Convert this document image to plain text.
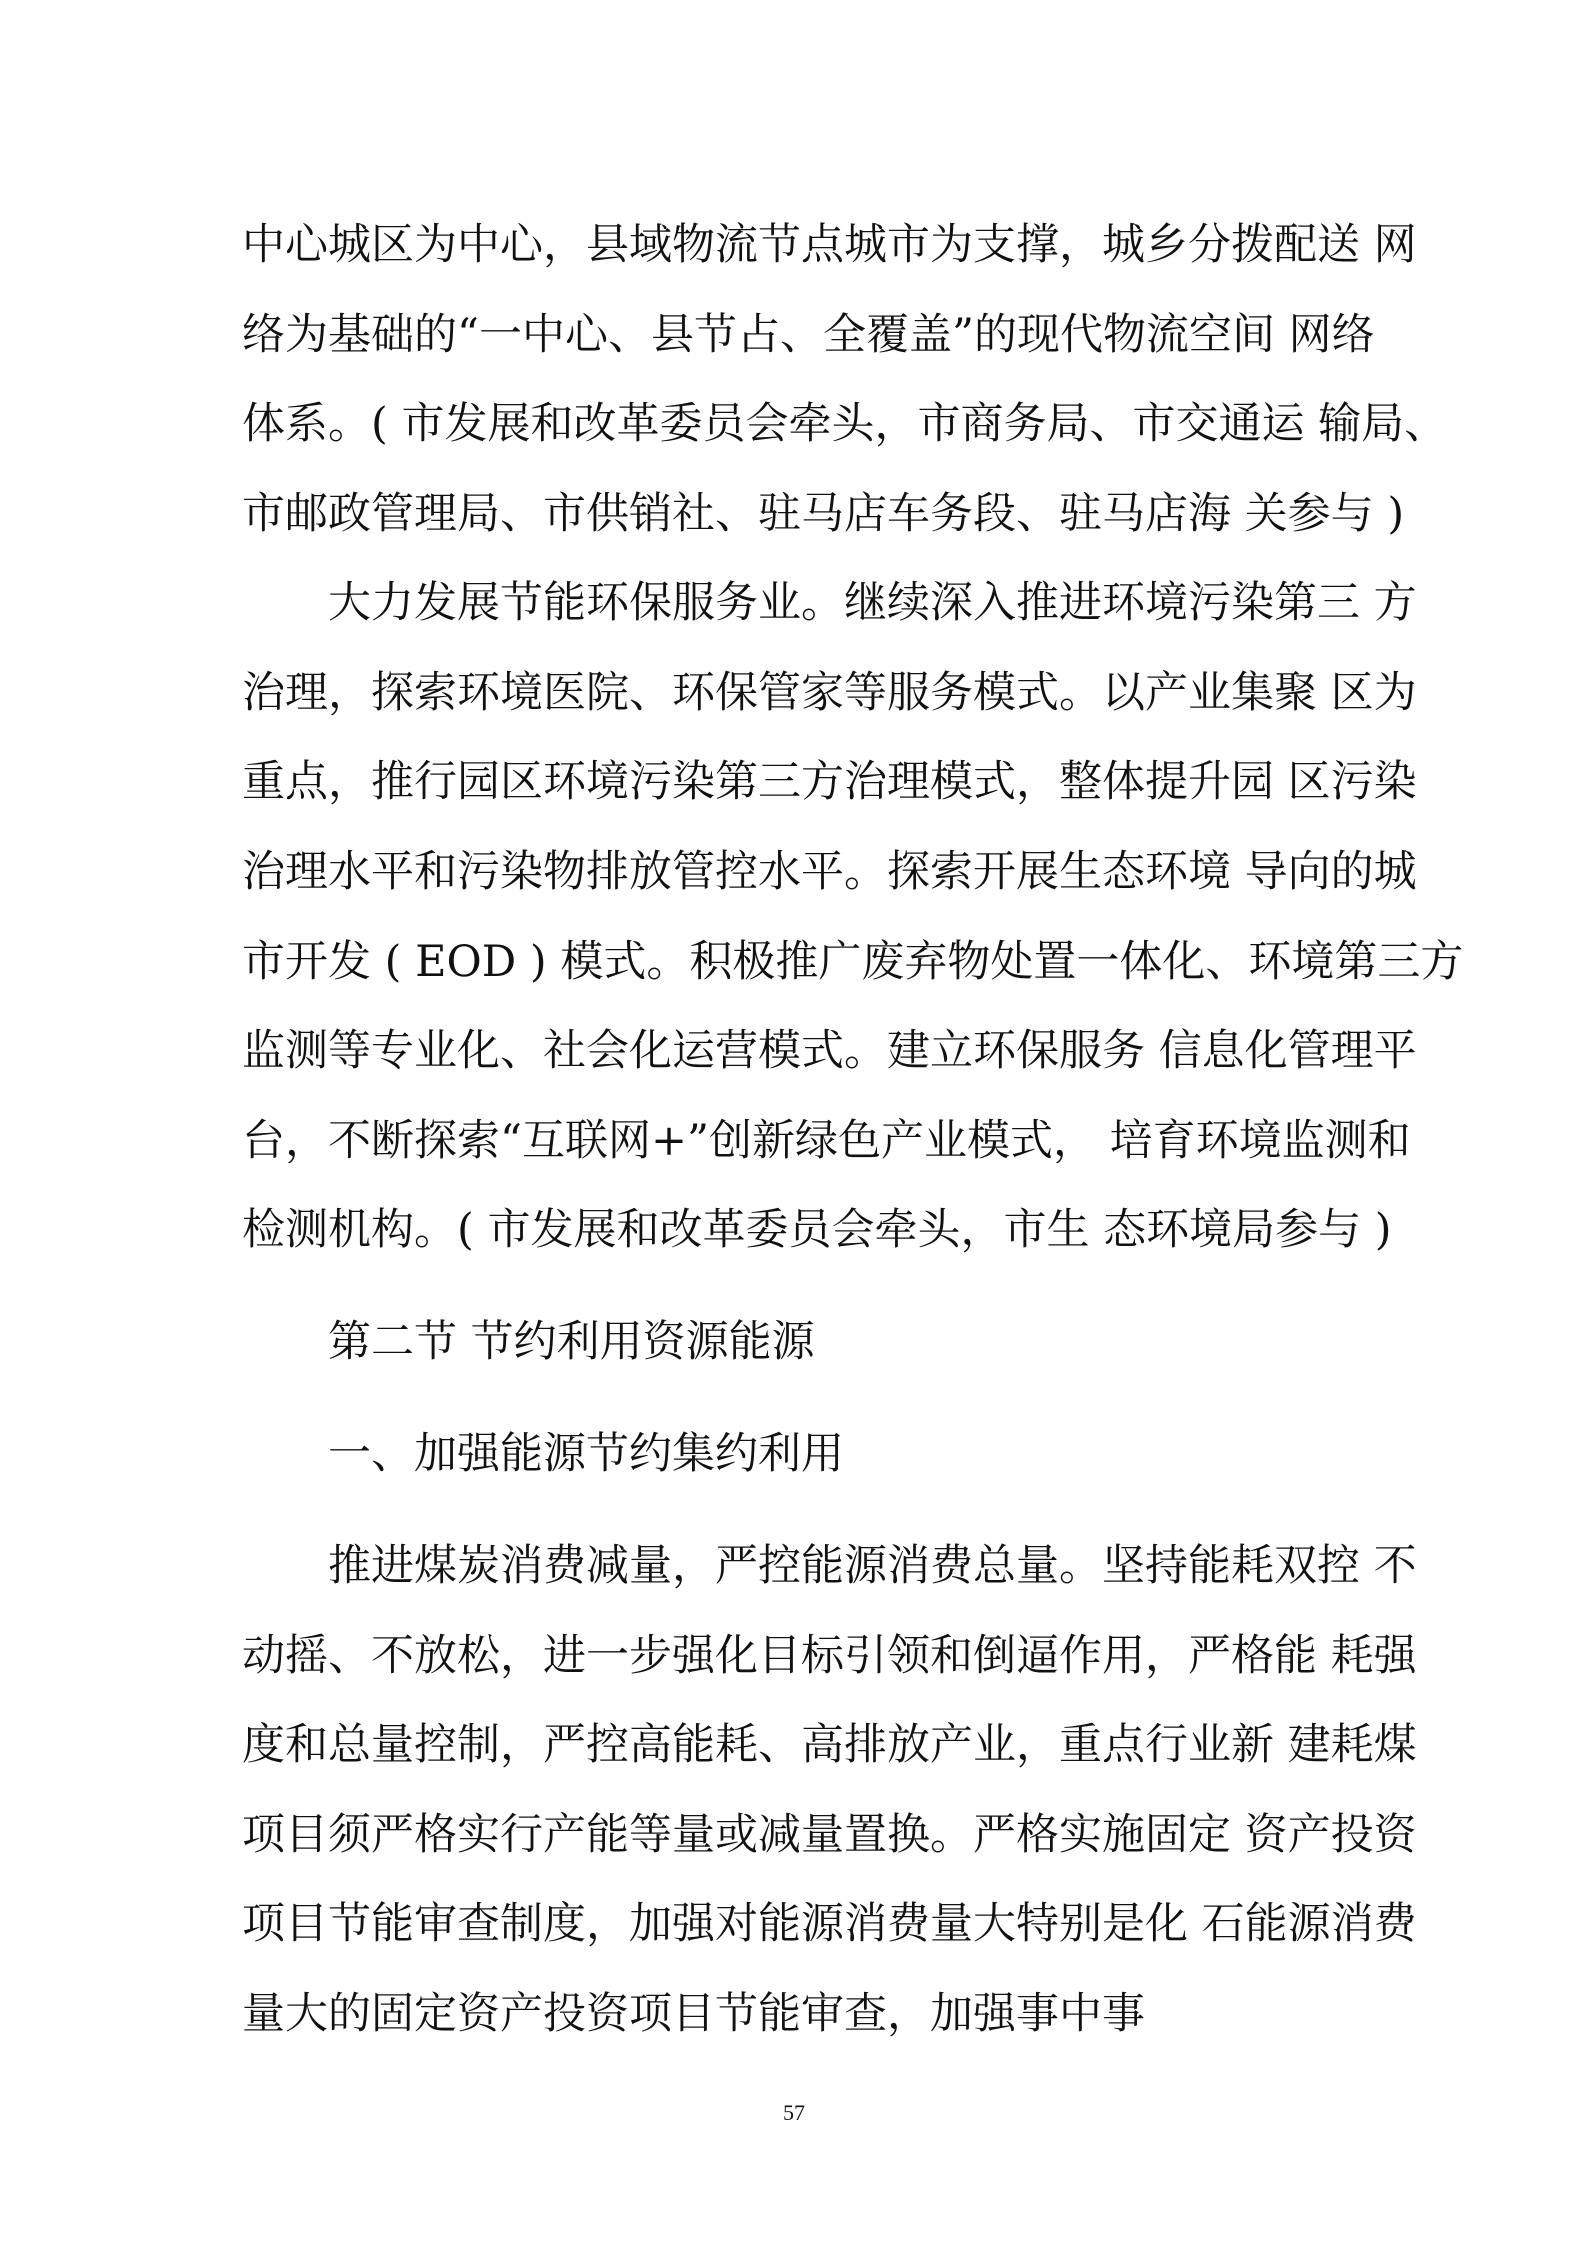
中心城区为中心，县域物流节点城市为支撑，城乡分拨配送 网
络为基础的“一中心、县节占、全覆盖”的现代物流空间 网络
体系。( 市发展和改革委员会牵头，市商务局、市交通运 输局、
市邮政管理局、市供销社、驻马店车务段、驻马店海 关参与 )
大力发展节能环保服务业。继续深入推进环境污染第三 方
治理，探索环境医院、环保管家等服务模式。以产业集聚 区为
重点，推行园区环境污染第三方治理模式，整体提升园 区污染
治理水平和污染物排放管控水平。探索开展生态环境 导向的城
市开发 ( EOD ) 模式。积极推广废弃物处置一体化、环境第三方
监测等专业化、社会化运营模式。建立环保服务 信息化管理平
台，不断探索“互联网+”创新绿色产业模式， 培育环境监测和
检测机构。( 市发展和改革委员会牵头，市生 态环境局参与 )
第二节 节约利用资源能源
一、加强能源节约集约利用
推进煤炭消费减量，严控能源消费总量。坚持能耗双控 不
动摇、不放松，进一步强化目标引领和倒逼作用，严格能 耗强
度和总量控制，严控高能耗、高排放产业，重点行业新 建耗煤
项目须严格实行产能等量或减量置换。严格实施固定 资产投资
项目节能审查制度，加强对能源消费量大特别是化 石能源消费
量大的固定资产投资项目节能审查，加强事中事
57
